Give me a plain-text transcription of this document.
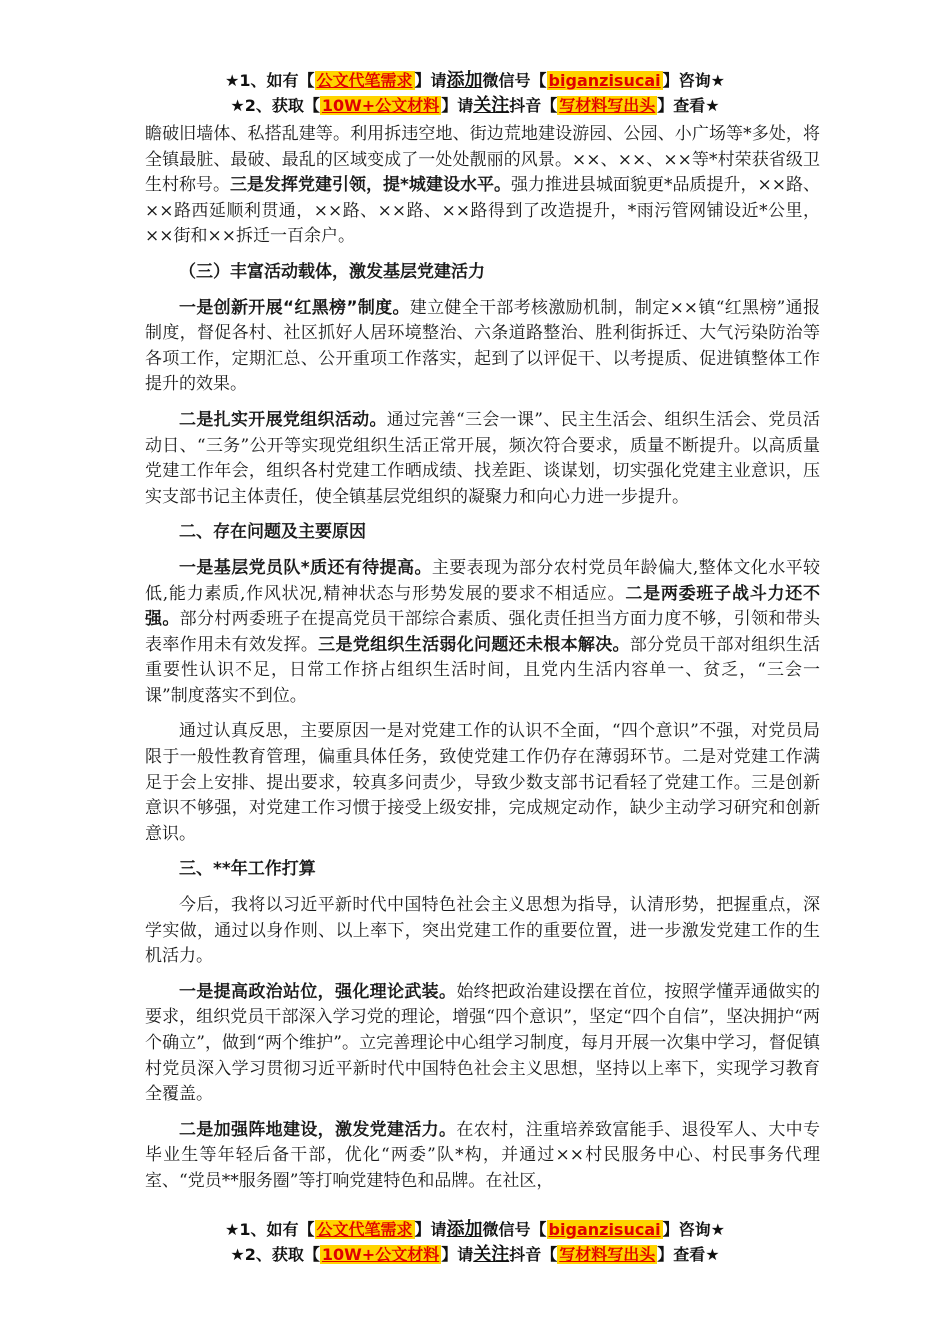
★1、如有【 公文代笔需求 】请添加微信号【 biganzisucai 】咨询★
★2、获取【 10W+公文材料 】请关注抖音【 写材料写出头 】查看★

瞻破旧墙体、私搭乱建等。利用拆违空地、街边荒地建设游园、公园、小广场等*多处，将全镇最脏、最破、最乱的区域变成了一处处靓丽的风景。××、××、××等*村荣获省级卫生村称号。三是发挥党建引领，提*城建设水平。强力推进县城面貌更*品质提升，××路、××路西延顺利贯通，××路、××路、××路得到了改造提升，*雨污管网铺设近*公里，××街和××拆迁一百余户。

（三）丰富活动载体，激发基层党建活力

一是创新开展“红黑榜”制度。建立健全干部考核激励机制，制定××镇“红黑榜”通报制度，督促各村、社区抓好人居环境整治、六条道路整治、胜利街拆迁、大气污染防治等各项工作，定期汇总、公开重项工作落实，起到了以评促干、以考提质、促进镇整体工作提升的效果。

二是扎实开展党组织活动。通过完善“三会一课”、民主生活会、组织生活会、党员活动日、“三务”公开等实现党组织生活正常开展，频次符合要求，质量不断提升。以高质量党建工作年会，组织各村党建工作晒成绩、找差距、谈谋划，切实强化党建主业意识，压实支部书记主体责任，使全镇基层党组织的凝聚力和向心力进一步提升。

二、存在问题及主要原因

一是基层党员队*质还有待提高。主要表现为部分农村党员年龄偏大,整体文化水平较低,能力素质,作风状况,精神状态与形势发展的要求不相适应。二是两委班子战斗力还不强。部分村两委班子在提高党员干部综合素质、强化责任担当方面力度不够，引领和带头表率作用未有效发挥。三是党组织生活弱化问题还未根本解决。部分党员干部对组织生活重要性认识不足，日常工作挤占组织生活时间，且党内生活内容单一、贫乏，“三会一课”制度落实不到位。

通过认真反思，主要原因一是对党建工作的认识不全面，“四个意识”不强，对党员局限于一般性教育管理，偏重具体任务，致使党建工作仍存在薄弱环节。二是对党建工作满足于会上安排、提出要求，较真多问责少，导致少数支部书记看轻了党建工作。三是创新意识不够强，对党建工作习惯于接受上级安排，完成规定动作，缺少主动学习研究和创新意识。

三、**年工作打算

今后，我将以习近平新时代中国特色社会主义思想为指导，认清形势，把握重点，深学实做，通过以身作则、以上率下，突出党建工作的重要位置，进一步激发党建工作的生机活力。

一是提高政治站位，强化理论武装。始终把政治建设摆在首位，按照学懂弄通做实的要求，组织党员干部深入学习党的理论，增强“四个意识”，坚定“四个自信”，坚决拥护“两个确立”，做到“两个维护”。立完善理论中心组学习制度，每月开展一次集中学习，督促镇村党员深入学习贯彻习近平新时代中国特色社会主义思想，坚持以上率下，实现学习教育全覆盖。

二是加强阵地建设，激发党建活力。在农村，注重培养致富能手、退役军人、大中专毕业生等年轻后备干部，优化“两委”队*构，并通过××村民服务中心、村民事务代理室、“党员**服务圈”等打响党建特色和品牌。在社区，

★1、如有【 公文代笔需求 】请添加微信号【 biganzisucai 】咨询★
★2、获取【 10W+公文材料 】请关注抖音【 写材料写出头 】查看★
